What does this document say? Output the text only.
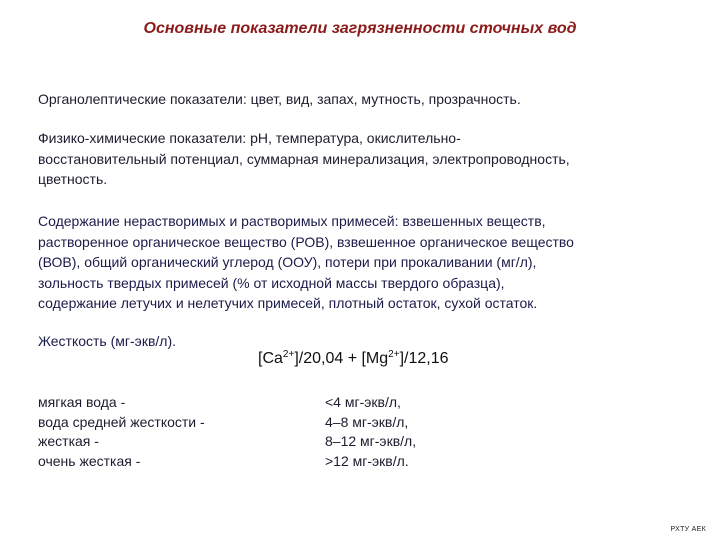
Основные показатели загрязненности сточных вод
Органолептические показатели: цвет, вид, запах, мутность, прозрачность.
Физико-химические показатели: рН, температура, окислительно-
восстановительный потенциал, суммарная минерализация, электропроводность,
цветность.
Содержание нерастворимых и растворимых примесей: взвешенных веществ,
растворенное органическое вещество (РОВ), взвешенное органическое вещество
(ВОВ), общий органический углерод (ООУ), потери при прокаливании (мг/л),
зольность твердых примесей (% от исходной массы твердого образца),
содержание летучих и нелетучих примесей, плотный остаток, сухой остаток.
Жесткость (мг-экв/л).
$[Ca^{2+}]/20,04 + [Mg^{2+}]/12,16$
мягкая вода -	<4 мг-экв/л,
вода средней жесткости -	4–8 мг-экв/л,
жесткая -	8–12 мг-экв/л,
очень жесткая -	>12 мг-экв/л.
РХТУ АЕК
